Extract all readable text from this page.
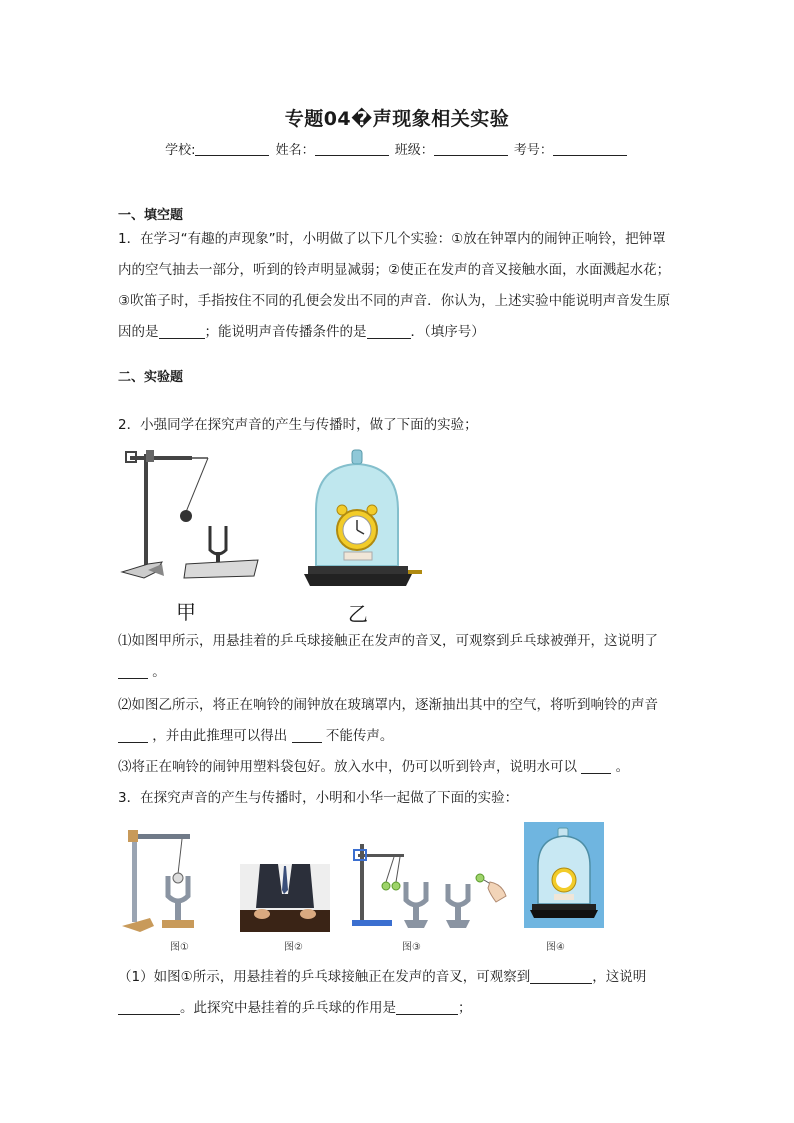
专题04�声现象相关实验
学校:	姓名：	班级：	考号：
一、填空题
1．在学习“有趣的声现象”时，小明做了以下几个实验：①放在钟罩内的闹钟正响铃，把钟罩内的空气抽去一部分，听到的铃声明显减弱；②使正在发声的音叉接触水面，水面溅起水花；③吹笛子时，手指按住不同的孔便会发出不同的声音．你认为，上述实验中能说明声音发生原因的是	；能说明声音传播条件的是	．（填序号）
二、实验题
2．小强同学在探究声音的产生与传播时，做了下面的实验；
甲	乙
⑴如图甲所示，用悬挂着的乒乓球接触正在发声的音叉，可观察到乒乓球被弹开，这说明了  。
⑵如图乙所示，将正在响铃的闹钟放在玻璃罩内，逐渐抽出其中的空气，将听到响铃的声音  ，并由此推理可以得出	不能传声。
⑶将正在响铃的闹钟用塑料袋包好。放入水中，仍可以听到铃声，说明水可以	。
3．在探究声音的产生与传播时，小明和小华一起做了下面的实验：
图①	图②	图③	图④
（1）如图①所示，用悬挂着的乒乓球接触正在发声的音叉，可观察到	，这说明。此探究中悬挂着的乒乓球的作用是	；
